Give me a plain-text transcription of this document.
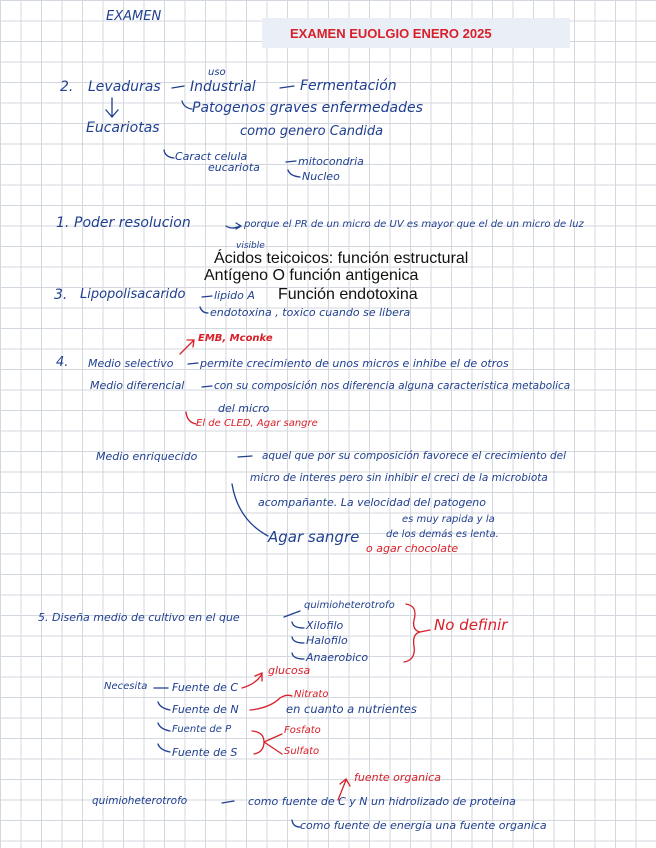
EXAMEN
EXAMEN EUOLGIO ENERO 2025
2. Levaduras
uso
Industrial	Fermentación
Eucariotas
Patogenos graves enfermedades
como genero Candida
Caract celula
eucariota	mitocondria
Nucleo
1. Poder resolucion	porque el PR de un micro de UV es mayor que el de un micro de luz
visible
Ácidos teicoicos: función estructural
Antígeno O función antigenica
3. Lipopolisacarido	lipido A Función endotoxina
endotoxina , toxico cuando se libera
EMB, Mconke
4. Medio selectivo permite crecimiento de unos micros e inhibe el de otros
Medio diferencial	con su composición nos diferencia alguna caracteristica metabolica
del micro
El de CLED, Agar sangre
Medio enriquecido	aquel que por su composición favorece el crecimiento del
micro de interes pero sin inhibir el creci de la microbiota
acompañante. La velocidad del patogeno
es muy rapida y la
de los demás es lenta.
Agar sangre
o agar chocolate
5. Diseña medio de cultivo en el que
quimioheterotrofo
Xilofilo
Halofilo
Anaerobico
No definir
Necesita Fuente de C
glucosa
Nitrato
Fuente de N	en cuanto a nutrientes
Fuente de P	Fosfato
Fuente de S	Sulfato
fuente organica
quimioheterotrofo	como fuente de C y N un hidrolizado de proteina
como fuente de energia una fuente organica
